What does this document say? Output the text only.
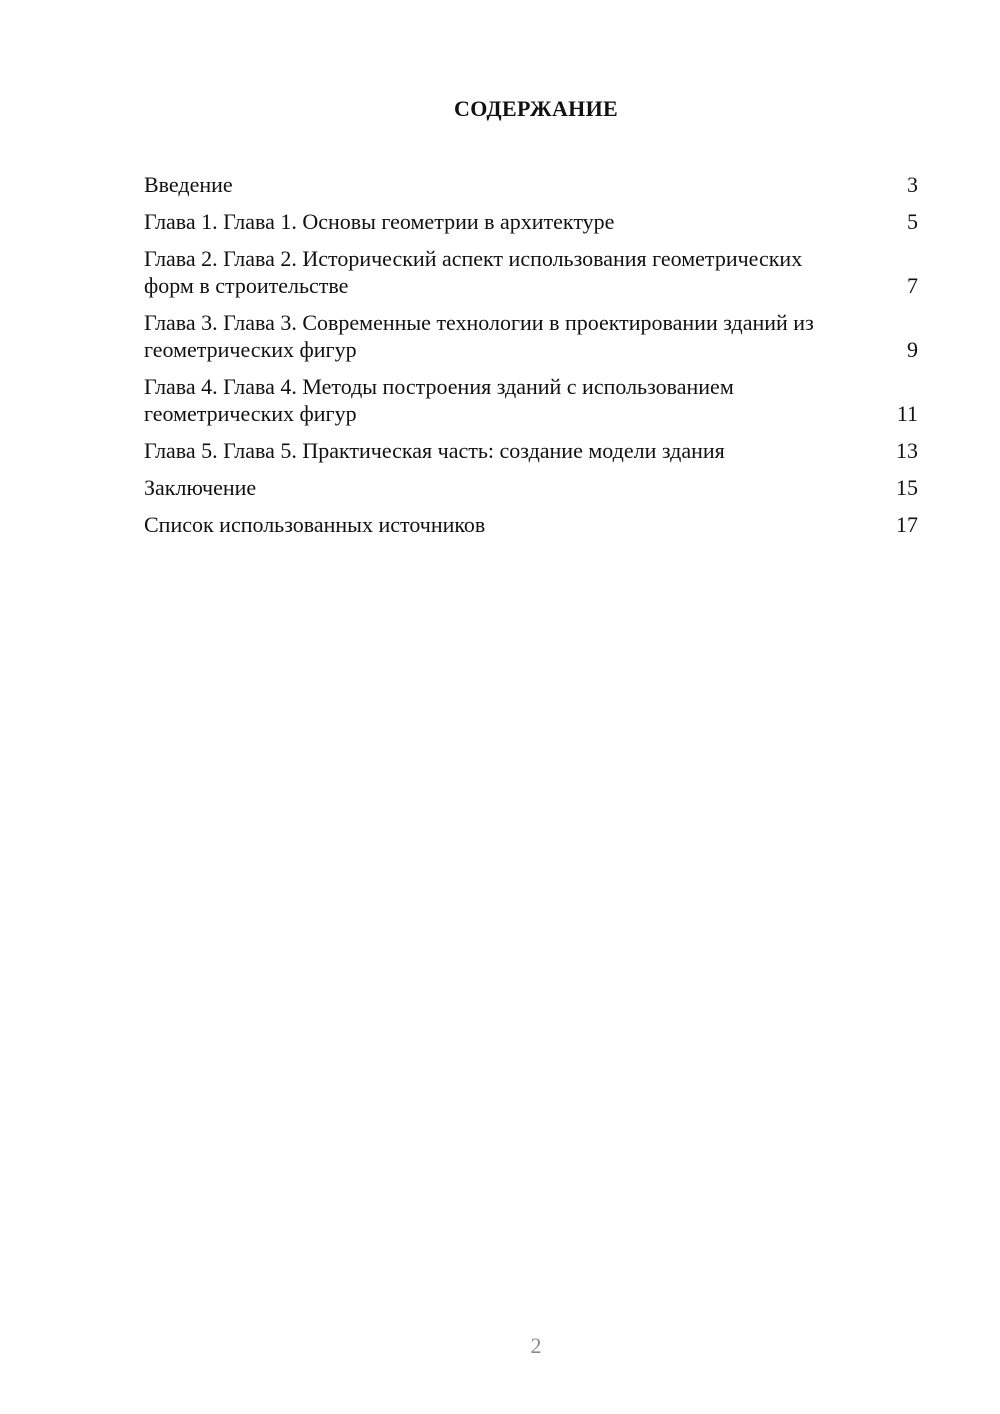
СОДЕРЖАНИЕ
Введение	3
Глава 1. Глава 1. Основы геометрии в архитектуре	5
Глава 2. Глава 2. Исторический аспект использования геометрических форм в строительстве	7
Глава 3. Глава 3. Современные технологии в проектировании зданий из геометрических фигур	9
Глава 4. Глава 4. Методы построения зданий с использованием геометрических фигур	11
Глава 5. Глава 5. Практическая часть: создание модели здания	13
Заключение	15
Список использованных источников	17
2
